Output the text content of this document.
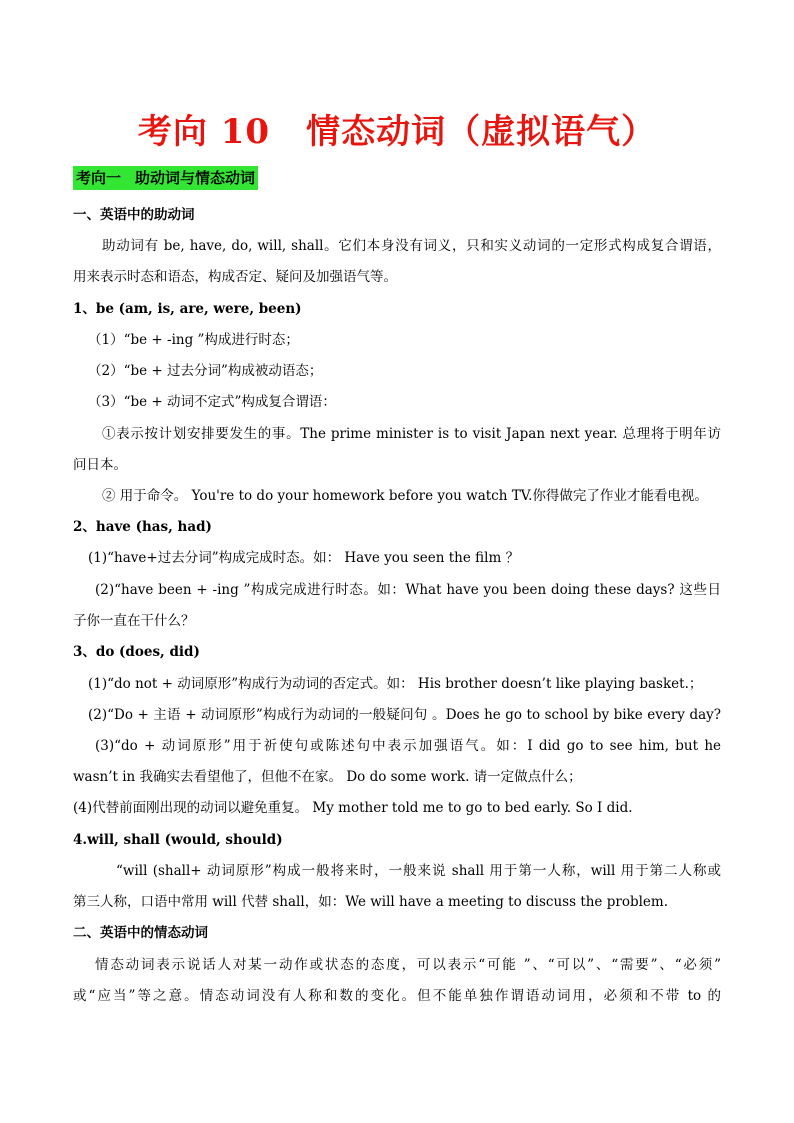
考向 10 情态动词（虚拟语气）
考向一 助动词与情态动词
一、英语中的助动词
助动词有 be, have, do, will, shall。它们本身没有词义，只和实义动词的一定形式构成复合谓语，
用来表示时态和语态，构成否定、疑问及加强语气等。
1、be (am, is, are, were, been)
（1）“be + -ing ”构成进行时态；
（2）“be + 过去分词”构成被动语态；
（3）“be + 动词不定式”构成复合谓语：
①表示按计划安排要发生的事。The prime minister is to visit Japan next year. 总理将于明年访
问日本。
② 用于命令。 You're to do your homework before you watch TV.你得做完了作业才能看电视。
2、have (has, had)
(1)“have+过去分词”构成完成时态。如： Have you seen the film ？
(2)“have been + -ing ”构成完成进行时态。如：What have you been doing these days? 这些日
子你一直在干什么？
3、do (does, did)
(1)“do not + 动词原形”构成行为动词的否定式。如： His brother doesn’t like playing basket.；
(2)“Do + 主语 + 动词原形”构成行为动词的一般疑问句 。Does he go to school by bike every day?
(3)“do + 动词原形”用于祈使句或陈述句中表示加强语气。如：I did go to see him, but he
wasn’t in 我确实去看望他了，但他不在家。 Do do some work. 请一定做点什么；
(4)代替前面刚出现的动词以避免重复。 My mother told me to go to bed early. So I did.
4.will, shall (would, should)
“will (shall+ 动词原形”构成一般将来时，一般来说 shall 用于第一人称，will 用于第二人称或
第三人称，口语中常用 will 代替 shall，如：We will have a meeting to discuss the problem.
二、英语中的情态动词
情态动词表示说话人对某一动作或状态的态度，可以表示“可能 ”、“可以”、“需要”、“必须”
或“应当”等之意。情态动词没有人称和数的变化。但不能单独作谓语动词用，必须和不带 to 的
